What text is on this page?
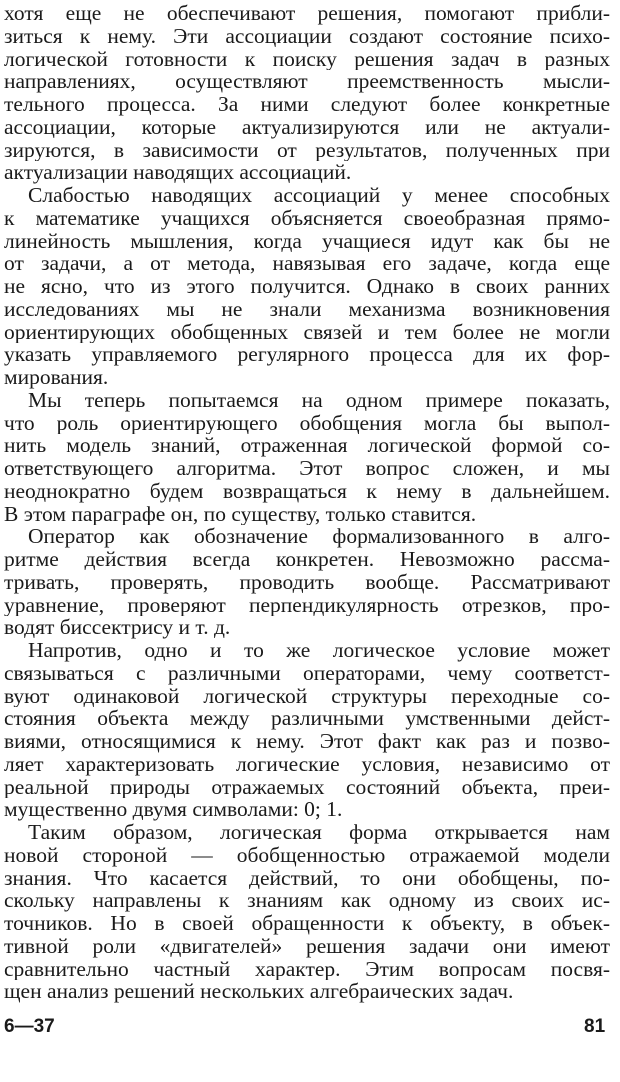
хотя еще не обеспечивают решения, помогают прибли-
зиться к нему. Эти ассоциации создают состояние психо-
логической готовности к поиску решения задач в разных
направлениях, осуществляют преемственность мысли-
тельного процесса. За ними следуют более конкретные
ассоциации, которые актуализируются или не актуали-
зируются, в зависимости от результатов, полученных при
актуализации наводящих ассоциаций.
Слабостью наводящих ассоциаций у менее способных
к математике учащихся объясняется своеобразная прямо-
линейность мышления, когда учащиеся идут как бы не
от задачи, а от метода, навязывая его задаче, когда еще
не ясно, что из этого получится. Однако в своих ранних
исследованиях мы не знали механизма возникновения
ориентирующих обобщенных связей и тем более не могли
указать управляемого регулярного процесса для их фор-
мирования.
Мы теперь попытаемся на одном примере показать,
что роль ориентирующего обобщения могла бы выпол-
нить модель знаний, отраженная логической формой со-
ответствующего алгоритма. Этот вопрос сложен, и мы
неоднократно будем возвращаться к нему в дальнейшем.
В этом параграфе он, по существу, только ставится.
Оператор как обозначение формализованного в алго-
ритме действия всегда конкретен. Невозможно рассма-
тривать, проверять, проводить вообще. Рассматривают
уравнение, проверяют перпендикулярность отрезков, про-
водят биссектрису и т. д.
Напротив, одно и то же логическое условие может
связываться с различными операторами, чему соответст-
вуют одинаковой логической структуры переходные со-
стояния объекта между различными умственными дейст-
виями, относящимися к нему. Этот факт как раз и позво-
ляет характеризовать логические условия, независимо от
реальной природы отражаемых состояний объекта, преи-
мущественно двумя символами: 0; 1.
Таким образом, логическая форма открывается нам
новой стороной — обобщенностью отражаемой модели
знания. Что касается действий, то они обобщены, по-
скольку направлены к знаниям как одному из своих ис-
точников. Но в своей обращенности к объекту, в объек-
тивной роли «двигателей» решения задачи они имеют
сравнительно частный характер. Этим вопросам посвя-
щен анализ решений нескольких алгебраических задач.
6—37	81
